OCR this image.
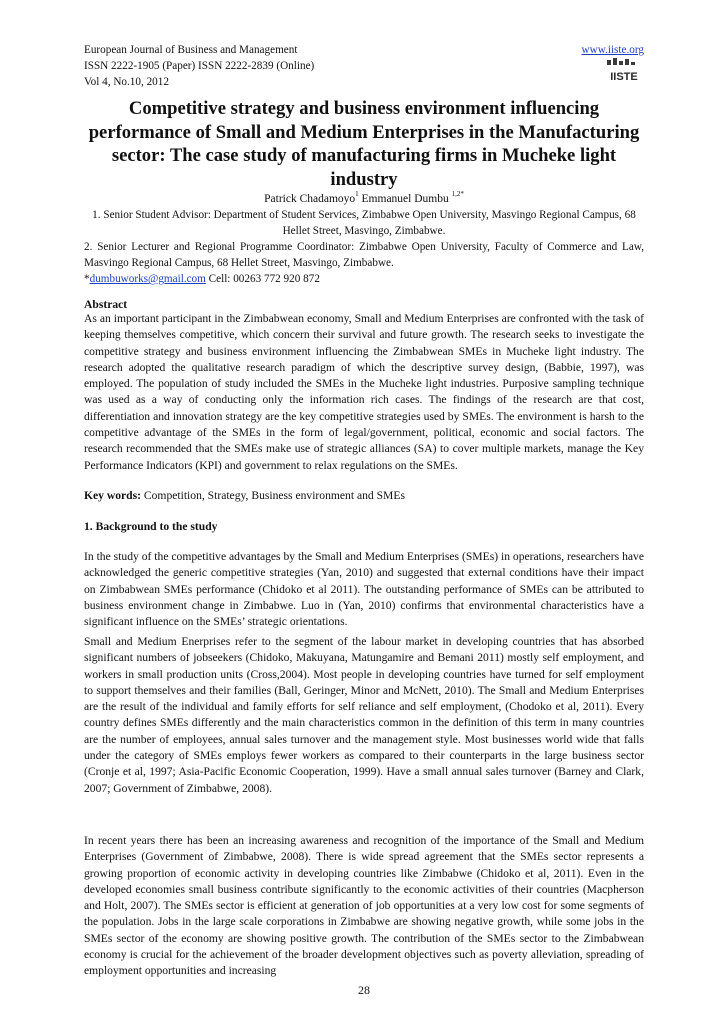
European Journal of Business and Management
ISSN 2222-1905 (Paper) ISSN 2222-2839 (Online)
Vol 4, No.10, 2012
www.iiste.org
IISTE
Competitive strategy and business environment influencing performance of Small and Medium Enterprises in the Manufacturing sector: The case study of manufacturing firms in Mucheke light industry
Patrick Chadamoyo$^1$ Emmanuel Dumbu $^{1,2*}$
1. Senior Student Advisor: Department of Student Services, Zimbabwe Open University, Masvingo Regional Campus, 68 Hellet Street, Masvingo, Zimbabwe.
2. Senior Lecturer and Regional Programme Coordinator: Zimbabwe Open University, Faculty of Commerce and Law, Masvingo Regional Campus, 68 Hellet Street, Masvingo, Zimbabwe.
*dumbuworks@gmail.com Cell: 00263 772 920 872
Abstract
As an important participant in the Zimbabwean economy, Small and Medium Enterprises are confronted with the task of keeping themselves competitive, which concern their survival and future growth. The research seeks to investigate the competitive strategy and business environment influencing the Zimbabwean SMEs in Mucheke light industry. The research adopted the qualitative research paradigm of which the descriptive survey design, (Babbie, 1997), was employed. The population of study included the SMEs in the Mucheke light industries. Purposive sampling technique was used as a way of conducting only the information rich cases. The findings of the research are that cost, differentiation and innovation strategy are the key competitive strategies used by SMEs. The environment is harsh to the competitive advantage of the SMEs in the form of legal/government, political, economic and social factors. The research recommended that the SMEs make use of strategic alliances (SA) to cover multiple markets, manage the Key Performance Indicators (KPI) and government to relax regulations on the SMEs.
Key words: Competition, Strategy, Business environment and SMEs
1. Background to the study
In the study of the competitive advantages by the Small and Medium Enterprises (SMEs) in operations, researchers have acknowledged the generic competitive strategies (Yan, 2010) and suggested that external conditions have their impact on Zimbabwean SMEs performance (Chidoko et al 2011). The outstanding performance of SMEs can be attributed to business environment change in Zimbabwe. Luo in (Yan, 2010) confirms that environmental characteristics have a significant influence on the SMEs’ strategic orientations.
Small and Medium Enerprises refer to the segment of the labour market in developing countries that has absorbed significant numbers of jobseekers (Chidoko, Makuyana, Matungamire and Bemani 2011) mostly self employment, and workers in small production units (Cross,2004). Most people in developing countries have turned for self employment to support themselves and their families (Ball, Geringer, Minor and McNett, 2010). The Small and Medium Enterprises are the result of the individual and family efforts for self reliance and self employment, (Chodoko et al, 2011). Every country defines SMEs differently and the main characteristics common in the definition of this term in many countries are the number of employees, annual sales turnover and the management style. Most businesses world wide that falls under the category of SMEs employs fewer workers as compared to their counterparts in the large business sector (Cronje et al, 1997; Asia-Pacific Economic Cooperation, 1999). Have a small annual sales turnover (Barney and Clark, 2007; Government of Zimbabwe, 2008).
In recent years there has been an increasing awareness and recognition of the importance of the Small and Medium Enterprises (Government of Zimbabwe, 2008). There is wide spread agreement that the SMEs sector represents a growing proportion of economic activity in developing countries like Zimbabwe (Chidoko et al, 2011). Even in the developed economies small business contribute significantly to the economic activities of their countries (Macpherson and Holt, 2007). The SMEs sector is efficient at generation of job opportunities at a very low cost for some segments of the population. Jobs in the large scale corporations in Zimbabwe are showing negative growth, while some jobs in the SMEs sector of the economy are showing positive growth. The contribution of the SMEs sector to the Zimbabwean economy is crucial for the achievement of the broader development objectives such as poverty alleviation, spreading of employment opportunities and increasing
28
